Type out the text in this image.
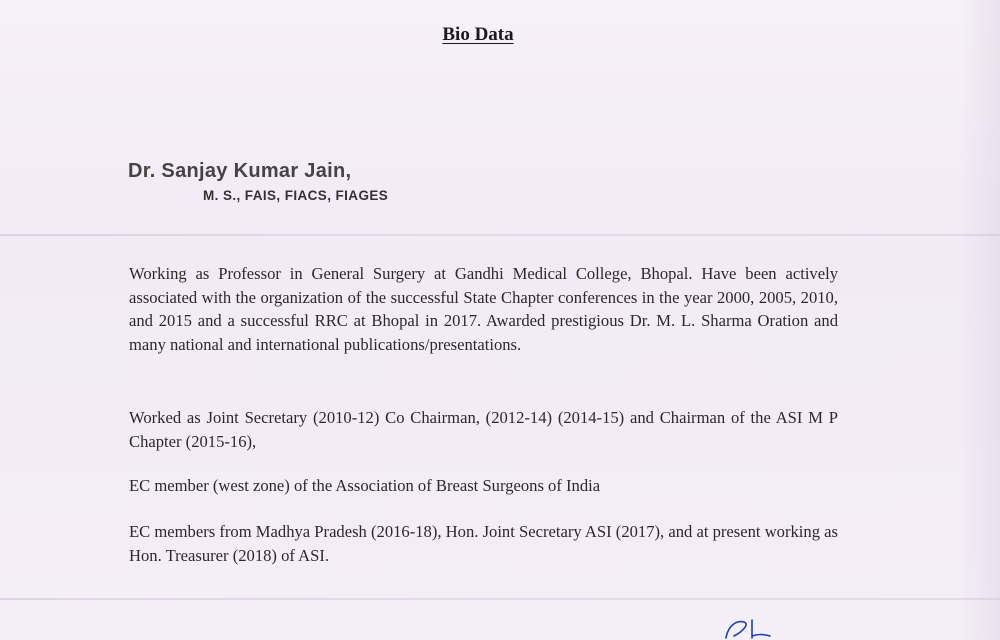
Bio Data
Dr. Sanjay Kumar Jain,
M. S., FAIS, FIACS, FIAGES

Working as Professor in General Surgery at Gandhi Medical College, Bhopal. Have been actively associated with the organization of the successful State Chapter conferences in the year 2000, 2005, 2010, and 2015 and a successful RRC at Bhopal in 2017. Awarded prestigious Dr. M. L. Sharma Oration and many national and international publications/presentations.

Worked as Joint Secretary (2010-12) Co Chairman, (2012-14) (2014-15) and Chairman of the ASI M P Chapter (2015-16),

EC member (west zone) of the Association of Breast Surgeons of India

EC members from Madhya Pradesh (2016-18), Hon. Joint Secretary ASI (2017), and at present working as Hon. Treasurer (2018) of ASI.
